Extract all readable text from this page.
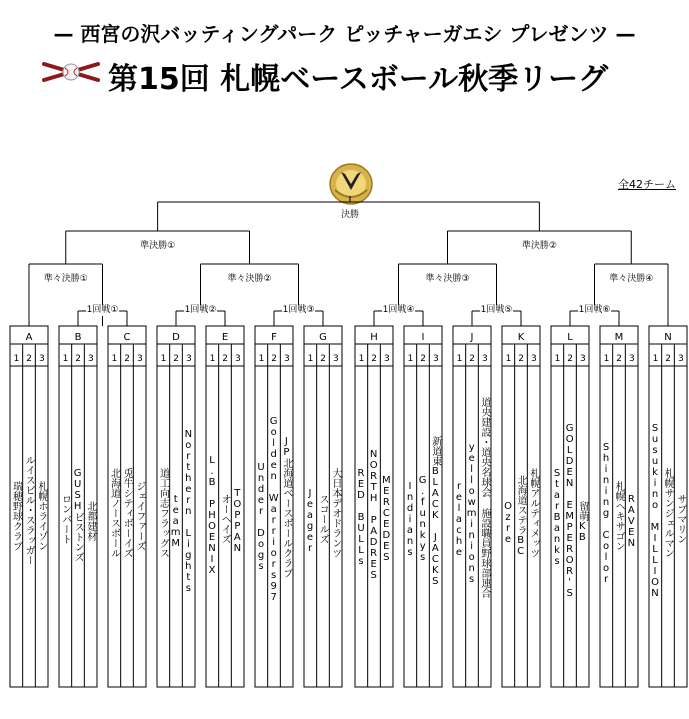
— 西宮の沢バッティングパーク ピッチャーガエシ プレゼンツ —
第15回 札幌ベースボール秋季リーグ
全42チーム
1回戦①	1回戦②	1回戦③	1回戦④	1回戦⑤	1回戦⑥
準々決勝①	準々決勝②	準々決勝③	準々決勝④
準決勝①	準決勝②
決勝
A
1
瑞穂野球クラブ
2
ルイスビル・スラッガー
3
札幌ホライゾン
B
1
ロンバート
2
GUSHビストンズ
3
北都建材
C
1
北海道ノースボール
2
兎牛シティボーイズ
3
ジェイファーズ
D
1
道工向志フラッグス
2
teamM
3
Northern Lights
E
1
L.B PHOENIX
2
オーヘイズ
3
TOPPAN
F
1
Under Dogs
2
Golden Warriors97
3
JP北海道ベースボールクラブ
G
1
Jeager
2
スコールズ
3
大日本デオドランツ
H
1
RED BULLs
2
NORTH PADRES
3
MERCEDES
I
1
Indians
2
G.funkys
3
新道東BLACK JACKS
J
1
relache
2
yellowminions
3
道央建設・道央名球会 施設職員野球部連合
K
1
Ozre
2
北海道ステラBC
3
札幌アルティメッツ
L
1
StarBanks
2
GOLDEN EMPEROR'S
3
留萌KB
M
1
Shining Color
2
札幌ヘキサゴン
3
RAVEN
N
1
Susukino MILLION
2
札幌サンジェルマン
3
サブマリン
